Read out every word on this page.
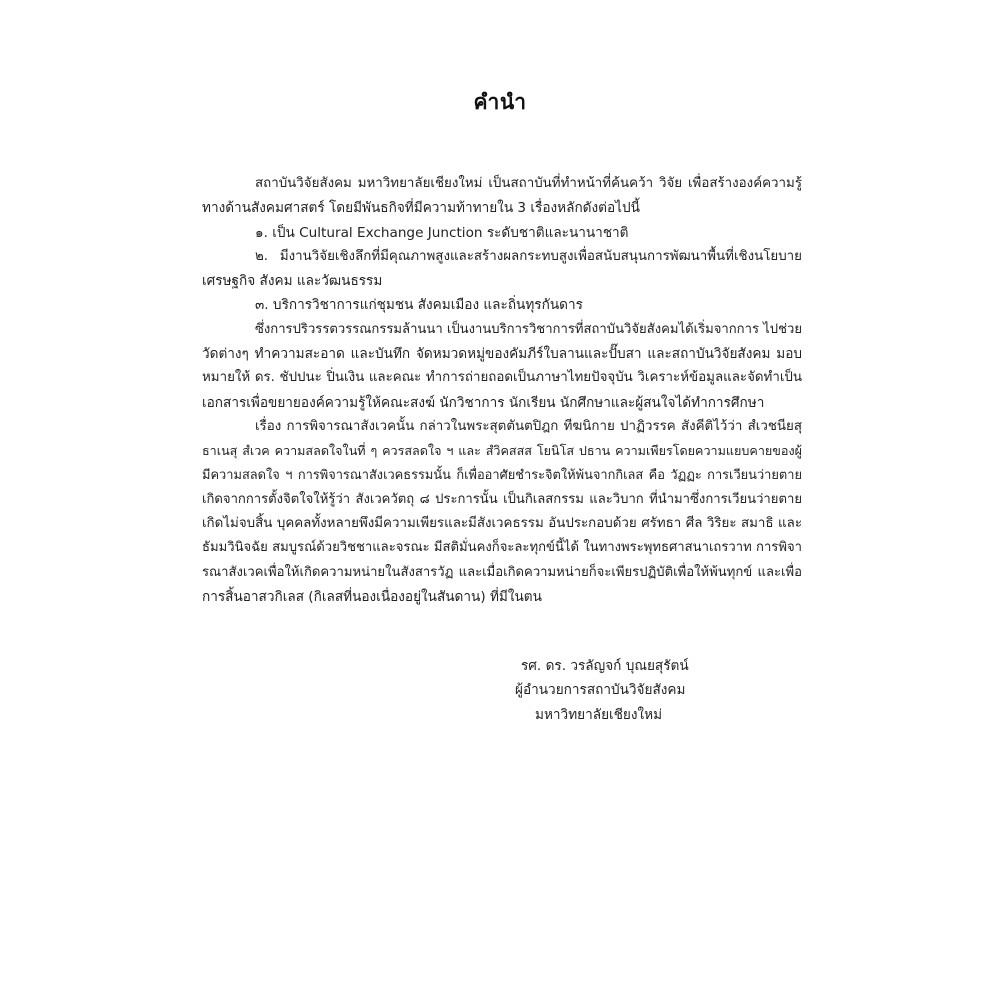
คำนำ
สถาบันวิจัยสังคม มหาวิทยาลัยเชียงใหม่ เป็นสถาบันที่ทำหน้าที่ค้นคว้า วิจัย เพื่อสร้างองค์ความรู้
ทางด้านสังคมศาสตร์ โดยมีพันธกิจที่มีความท้าทายใน 3 เรื่องหลักดังต่อไปนี้
๑. เป็น Cultural Exchange Junction ระดับชาติและนานาชาติ
๒. มีงานวิจัยเชิงลึกที่มีคุณภาพสูงและสร้างผลกระทบสูงเพื่อสนับสนุนการพัฒนาพื้นที่เชิงนโยบาย
เศรษฐกิจ สังคม และวัฒนธรรม
๓. บริการวิชาการแก่ชุมชน สังคมเมือง และถิ่นทุรกันดาร
ซึ่งการปริวรรตวรรณกรรมล้านนา เป็นงานบริการวิชาการที่สถาบันวิจัยสังคมได้เริ่มจากการ ไปช่วย
วัดต่างๆ ทำความสะอาด และบันทึก จัดหมวดหมู่ของคัมภีร์ใบลานและปั๊บสา และสถาบันวิจัยสังคม มอบ
หมายให้ ดร. ชัปปนะ ปิ่นเงิน และคณะ ทำการถ่ายถอดเป็นภาษาไทยปัจจุบัน วิเคราะห์ข้อมูลและจัดทำเป็น
เอกสารเพื่อขยายองค์ความรู้ให้คณะสงฆ์ นักวิชาการ นักเรียน นักศึกษาและผู้สนใจได้ทำการศึกษา
เรื่อง การพิจารณาสังเวคนั้น กล่าวในพระสุตตันตปิฎก ทีฆนิกาย ปาฏิวรรค สังคีติไว้ว่า สํเวชนียสุ
ธาเนสุ สํเวค ความสลดใจในที่ ๆ ควรสลดใจ ฯ และ สํวิคสสส โยนิโส ปธาน ความเพียรโดยความแยบคายของผู้
มีความสลดใจ ฯ การพิจารณาสังเวคธรรมนั้น ก็เพื่ออาศัยชำระจิตให้พ้นจากกิเลส คือ วัฏฏะ การเวียนว่ายตาย
เกิดจากการตั้งจิตใจให้รู้ว่า สังเวควัตถุ ๘ ประการนั้น เป็นกิเลสกรรม และวิบาก ที่นำมาซึ่งการเวียนว่ายตาย
เกิดไม่จบสิ้น บุคคลทั้งหลายพึงมีความเพียรและมีสังเวคธรรม อันประกอบด้วย ศรัทธา ศีล วิริยะ สมาธิ และ
ธัมมวินิจฉัย สมบูรณ์ด้วยวิชชาและจรณะ มีสติมั่นคงก็จะละทุกข์นี้ได้ ในทางพระพุทธศาสนาเถรวาท การพิจา
รณาสังเวคเพื่อให้เกิดความหน่ายในสังสารวัฏ และเมื่อเกิดความหน่ายก็จะเพียรปฏิบัติเพื่อให้พ้นทุกข์ และเพื่อ
การสิ้นอาสวกิเลส (กิเลสที่นองเนื่องอยู่ในสันดาน) ที่มีในตน
รศ. ดร. วรลัญจก์ บุณยสุรัตน์
ผู้อำนวยการสถาบันวิจัยสังคม
มหาวิทยาลัยเชียงใหม่
